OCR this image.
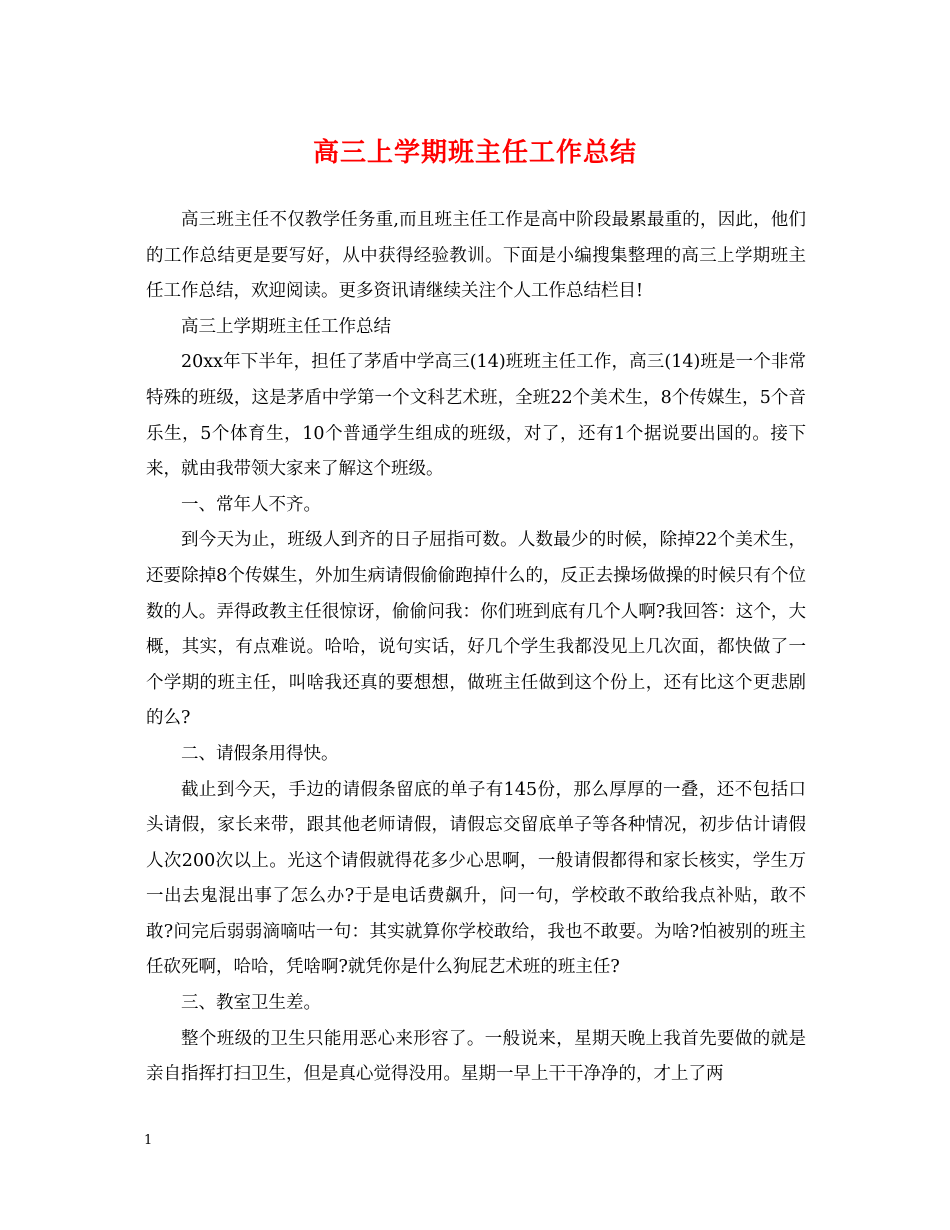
高三上学期班主任工作总结

高三班主任不仅教学任务重,而且班主任工作是高中阶段最累最重的，因此，他们的工作总结更是要写好，从中获得经验教训。下面是小编搜集整理的高三上学期班主任工作总结，欢迎阅读。更多资讯请继续关注个人工作总结栏目!

高三上学期班主任工作总结

20xx年下半年，担任了茅盾中学高三(14)班班主任工作，高三(14)班是一个非常特殊的班级，这是茅盾中学第一个文科艺术班，全班22个美术生，8个传媒生，5个音乐生，5个体育生，10个普通学生组成的班级，对了，还有1个据说要出国的。接下来，就由我带领大家来了解这个班级。

一、常年人不齐。

到今天为止，班级人到齐的日子屈指可数。人数最少的时候，除掉22个美术生，还要除掉8个传媒生，外加生病请假偷偷跑掉什么的，反正去操场做操的时候只有个位数的人。弄得政教主任很惊讶，偷偷问我：你们班到底有几个人啊?我回答：这个，大概，其实，有点难说。哈哈，说句实话，好几个学生我都没见上几次面，都快做了一个学期的班主任，叫啥我还真的要想想，做班主任做到这个份上，还有比这个更悲剧的么?

二、请假条用得快。

截止到今天，手边的请假条留底的单子有145份，那么厚厚的一叠，还不包括口头请假，家长来带，跟其他老师请假，请假忘交留底单子等各种情况，初步估计请假人次200次以上。光这个请假就得花多少心思啊，一般请假都得和家长核实，学生万一出去鬼混出事了怎么办?于是电话费飙升，问一句，学校敢不敢给我点补贴，敢不敢?问完后弱弱滴嘀咕一句：其实就算你学校敢给，我也不敢要。为啥?怕被别的班主任砍死啊，哈哈，凭啥啊?就凭你是什么狗屁艺术班的班主任?

三、教室卫生差。

整个班级的卫生只能用恶心来形容了。一般说来，星期天晚上我首先要做的就是亲自指挥打扫卫生，但是真心觉得没用。星期一早上干干净净的，才上了两

1
